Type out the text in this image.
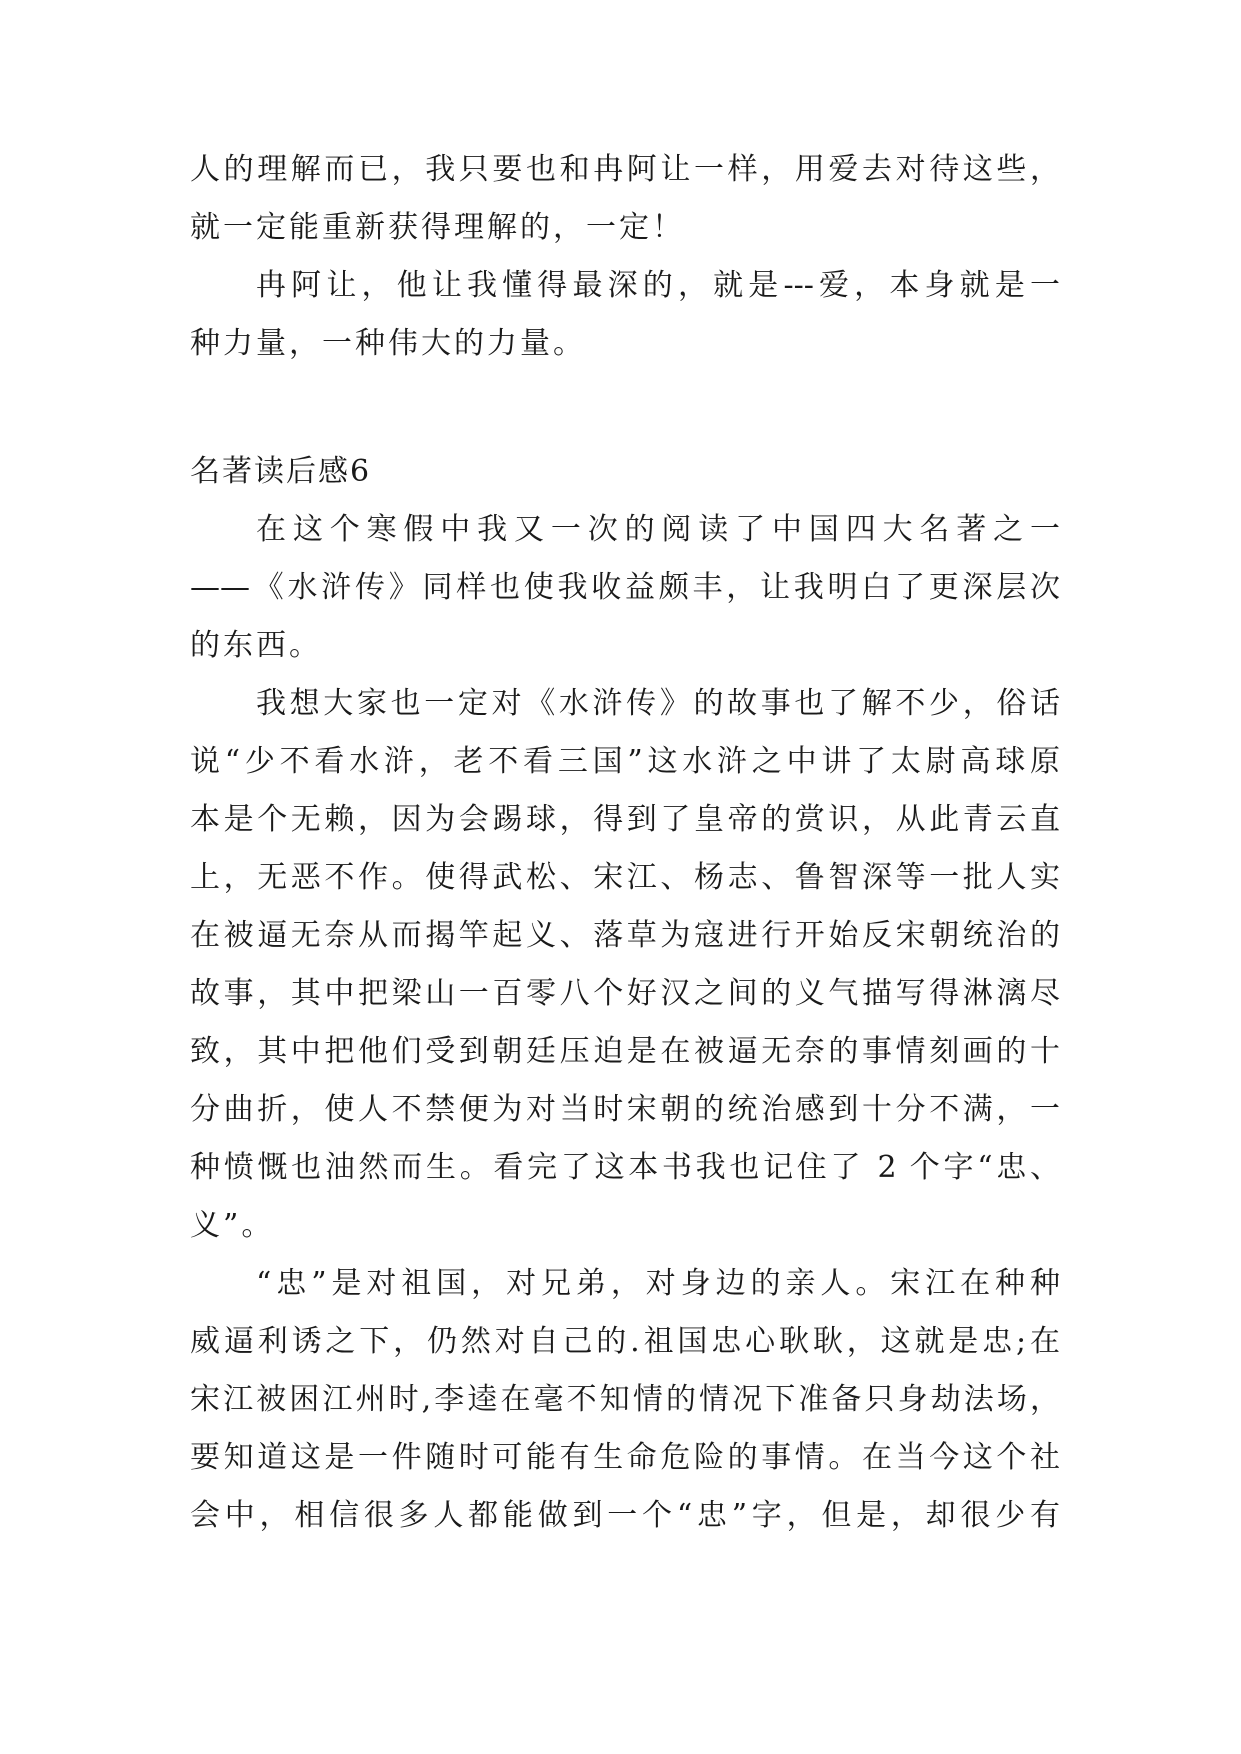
人的理解而已，我只要也和冉阿让一样，用爱去对待这些，
就一定能重新获得理解的，一定！
冉阿让，他让我懂得最深的，就是---爱，本身就是一
种力量，一种伟大的力量。
名著读后感6
在这个寒假中我又一次的阅读了中国四大名著之一
——《水浒传》同样也使我收益颇丰，让我明白了更深层次
的东西。
我想大家也一定对《水浒传》的故事也了解不少，俗话
说“少不看水浒，老不看三国”这水浒之中讲了太尉高球原
本是个无赖，因为会踢球，得到了皇帝的赏识，从此青云直
上，无恶不作。使得武松、宋江、杨志、鲁智深等一批人实
在被逼无奈从而揭竿起义、落草为寇进行开始反宋朝统治的
故事，其中把梁山一百零八个好汉之间的义气描写得淋漓尽
致，其中把他们受到朝廷压迫是在被逼无奈的事情刻画的十
分曲折，使人不禁便为对当时宋朝的统治感到十分不满，一
种愤慨也油然而生。看完了这本书我也记住了 2 个字“忠、
义”。
“忠”是对祖国，对兄弟，对身边的亲人。宋江在种种
威逼利诱之下，仍然对自己的.祖国忠心耿耿，这就是忠;在
宋江被困江州时,李逵在毫不知情的情况下准备只身劫法场，
要知道这是一件随时可能有生命危险的事情。在当今这个社
会中，相信很多人都能做到一个“忠”字，但是，却很少有
